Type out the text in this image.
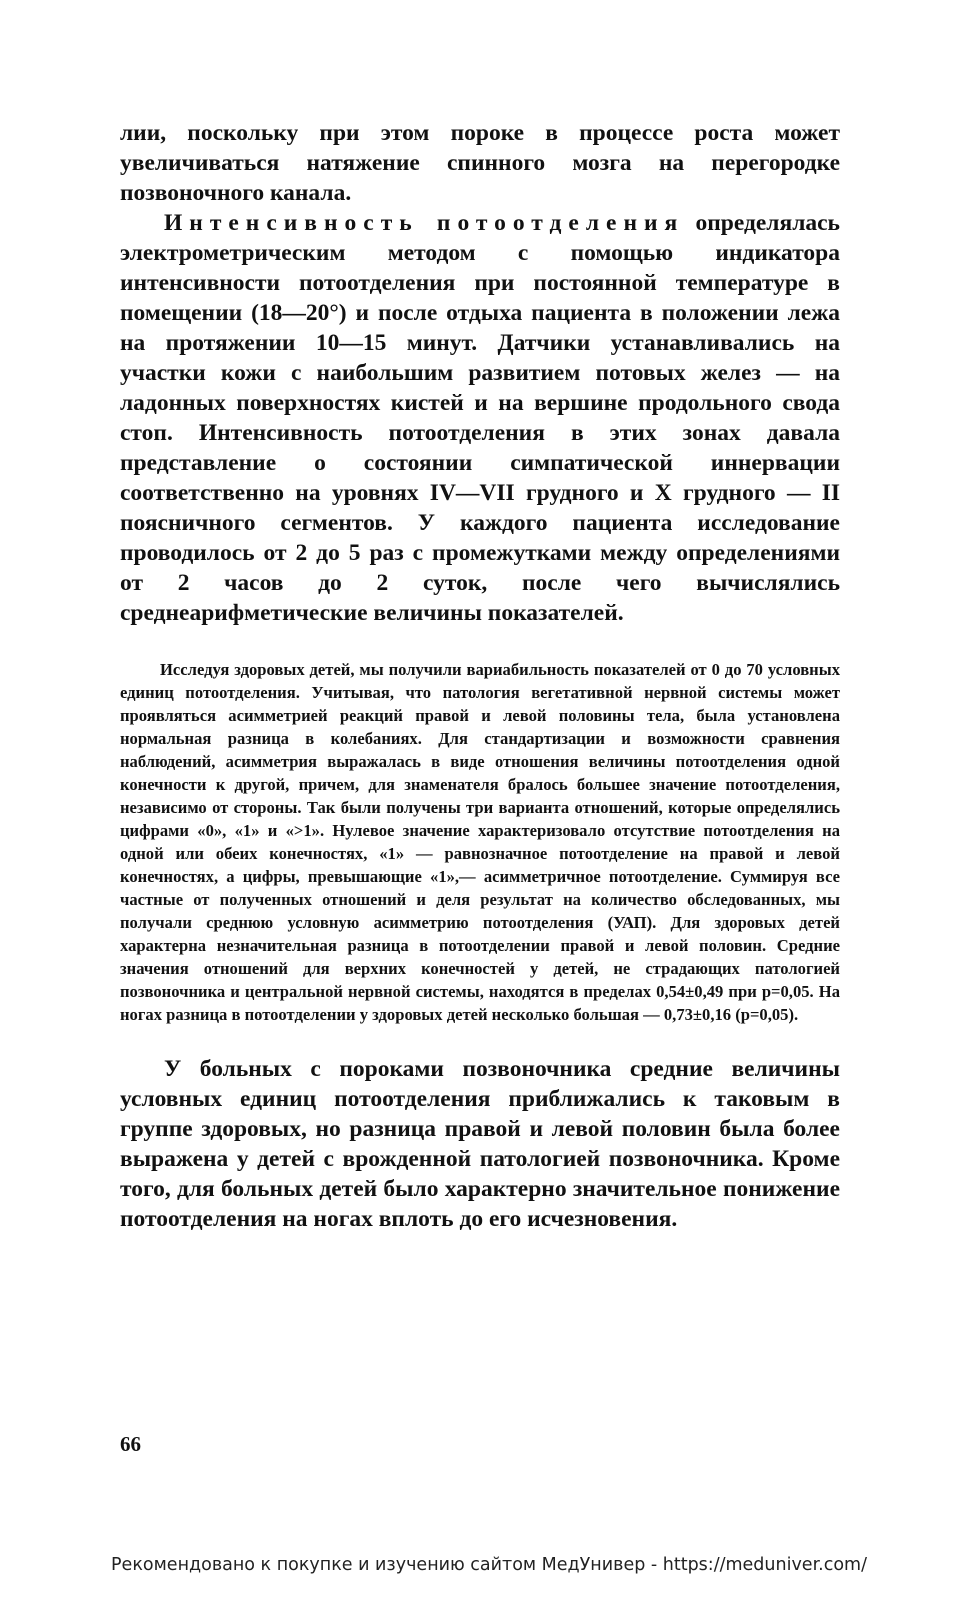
лии, поскольку при этом пороке в процессе роста может увеличиваться натяжение спинного мозга на перегородке позвоночного канала.

Интенсивность потоотделения определялась электрометрическим методом с помощью индикатора интенсивности потоотделения при постоянной температуре в помещении (18—20°) и после отдыха пациента в положении лежа на протяжении 10—15 минут. Датчики устанавливались на участки кожи с наибольшим развитием потовых желез — на ладонных поверхностях кистей и на вершине продольного свода стоп. Интенсивность потоотделения в этих зонах давала представление о состоянии симпатической иннервации соответственно на уровнях IV—VII грудного и X грудного — II поясничного сегментов. У каждого пациента исследование проводилось от 2 до 5 раз с промежутками между определениями от 2 часов до 2 суток, после чего вычислялись среднеарифметические величины показателей.

Исследуя здоровых детей, мы получили вариабильность показателей от 0 до 70 условных единиц потоотделения. Учитывая, что патология вегетативной нервной системы может проявляться асимметрией реакций правой и левой половины тела, была установлена нормальная разница в колебаниях. Для стандартизации и возможности сравнения наблюдений, асимметрия выражалась в виде отношения величины потоотделения одной конечности к другой, причем, для знаменателя бралось большее значение потоотделения, независимо от стороны. Так были получены три варианта отношений, которые определялись цифрами «0», «1» и «>1». Нулевое значение характеризовало отсутствие потоотделения на одной или обеих конечностях, «1» — равнозначное потоотделение на правой и левой конечностях, а цифры, превышающие «1»,— асимметричное потоотделение. Суммируя все частные от полученных отношений и деля результат на количество обследованных, мы получали среднюю условную асимметрию потоотделения (УАП). Для здоровых детей характерна незначительная разница в потоотделении правой и левой половин. Средние значения отношений для верхних конечностей у детей, не страдающих патологией позвоночника и центральной нервной системы, находятся в пределах 0,54±0,49 при p=0,05. На ногах разница в потоотделении у здоровых детей несколько большая — 0,73±0,16 (p=0,05).

У больных с пороками позвоночника средние величины условных единиц потоотделения приближались к таковым в группе здоровых, но разница правой и левой половин была более выражена у детей с врожденной патологией позвоночника. Кроме того, для больных детей было характерно значительное понижение потоотделения на ногах вплоть до его исчезновения.

66
Рекомендовано к покупке и изучению сайтом МедУнивер - https://meduniver.com/
